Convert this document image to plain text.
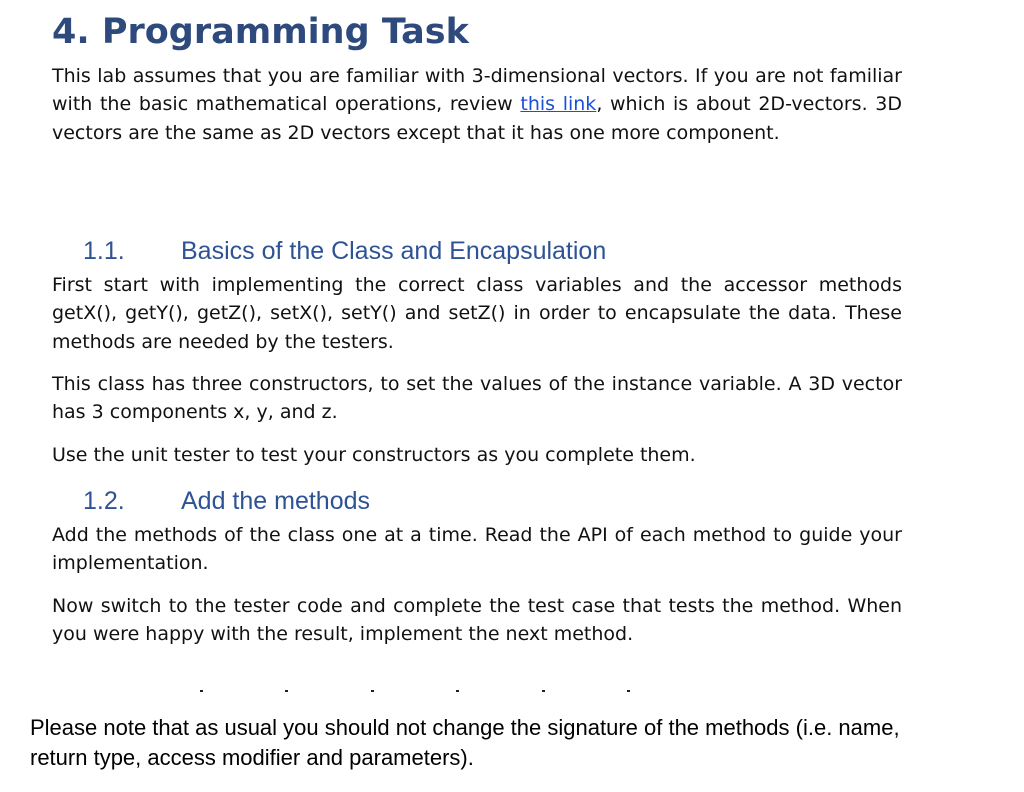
4. Programming Task

This lab assumes that you are familiar with 3-dimensional vectors. If you are not familiar with the basic mathematical operations, review this link, which is about 2D-vectors. 3D vectors are the same as 2D vectors except that it has one more component.

1.1. Basics of the Class and Encapsulation

First start with implementing the correct class variables and the accessor methods getX(), getY(), getZ(), setX(), setY() and setZ() in order to encapsulate the data. These methods are needed by the testers.

This class has three constructors, to set the values of the instance variable. A 3D vector has 3 components x, y, and z.

Use the unit tester to test your constructors as you complete them.

1.2. Add the methods

Add the methods of the class one at a time. Read the API of each method to guide your implementation.

Now switch to the tester code and complete the test case that tests the method. When you were happy with the result, implement the next method.

Please note that as usual you should not change the signature of the methods (i.e. name, return type, access modifier and parameters).
